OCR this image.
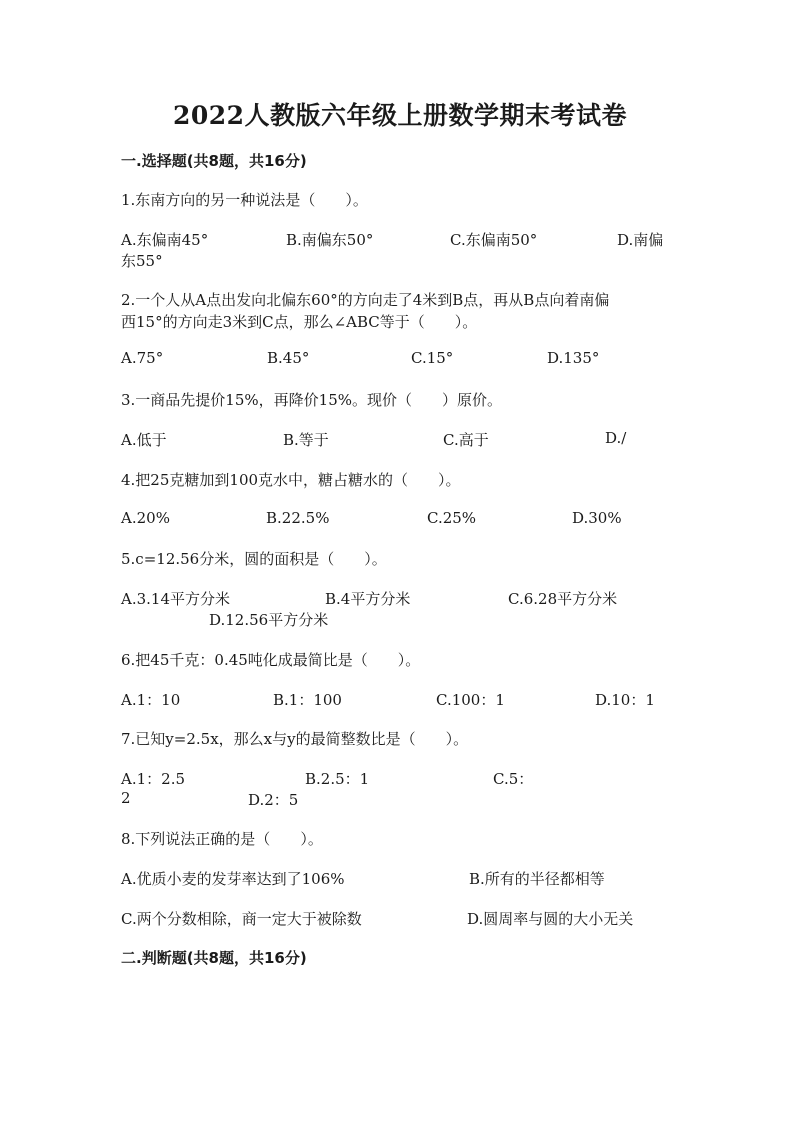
2022人教版六年级上册数学期末考试卷
一.选择题(共8题，共16分)
1.东南方向的另一种说法是（　　）。
A.东偏南45°	B.南偏东50°	C.东偏南50°	D.南偏
东55°
2.一个人从A点出发向北偏东60°的方向走了4米到B点，再从B点向着南偏
西15°的方向走3米到C点，那么∠ABC等于（　　）。
A.75°	B.45°	C.15°	D.135°
3.一商品先提价15%，再降价15%。现价（　　）原价。
A.低于	B.等于	C.高于	D./
4.把25克糖加到100克水中，糖占糖水的（　　）。
A.20%	B.22.5%	C.25%	D.30%
5.c=12.56分米，圆的面积是（　　）。
A.3.14平方分米	B.4平方分米	C.6.28平方分米
D.12.56平方分米
6.把45千克：0.45吨化成最简比是（　　）。
A.1：10	B.1：100	C.100：1	D.10：1
7.已知y=2.5x，那么x与y的最简整数比是（　　）。
A.1：2.5	B.2.5：1	C.5：
2	D.2：5
8.下列说法正确的是（　　）。
A.优质小麦的发芽率达到了106%	B.所有的半径都相等
C.两个分数相除，商一定大于被除数	D.圆周率与圆的大小无关
二.判断题(共8题，共16分)
